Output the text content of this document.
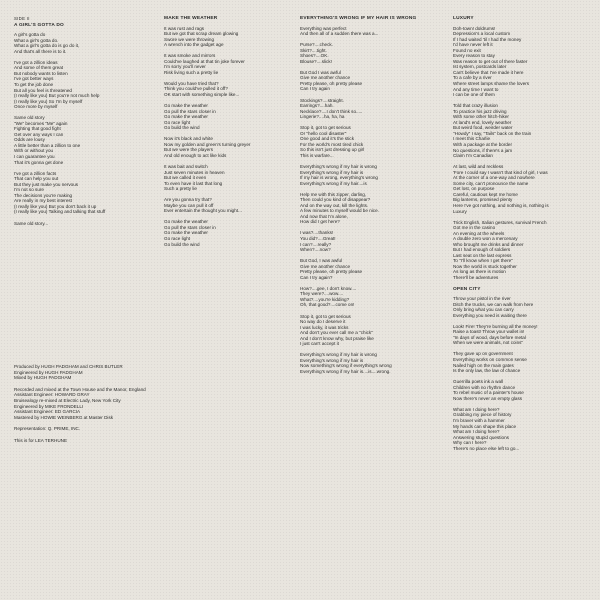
SIDE II
A GIRL'S GOTTA DO
A girl's gotta do
What a girl's gotta do.
What a girl's gotta do is go do it,
And that's all there is to it.
I've got a zillion ideas
And some of them great
But nobody wants to listen
I've got better ways
To get the job done
But all you feel is threatened
(I really like you) But you're not much help
(I really like you) So I'm by myself
Once more by myself
Same old story
"We" becomes "Me" again
Fighting that good fight
Get over any ways I can
Odds are lousy
A little better than a zillion to one
With or without you
I can guarantee you
That it's gonna get done
I've got a zillion facts
That can help you out
But they just make you nervous
I'm not so sure
The decisions you're making
Are really in my best interest
(I really like you) But you don't back it up
(I really like you) Talking and talking that stuff
Same old story...
MAKE THE WEATHER
It was rust and rags
But we got that scrap dream glowing
Swore we were throwing
A wrench into the gadget age
It was smoke and mirrors
Could've laughed at that tin joke forever
I'm sorry you'll never
Risk living such a pretty lie
Would you have tried that?
Think you could've pulled it off?
OK start with something simple like...
Go make the weather
Go pull the stars closer in
Go make the weather
Go race light
Go build the wind
Now it's black and white
Now my golden and green's turning greyer
But we were the players
And old enough to act like kids
It was bait and switch
Just seven minutes in heaven
But we called it even
To even have it last that long
Such a pretty lie
Are you gonna try that?
Maybe you can pull it off
Ever entertain the thought you might...
Go make the weather
Go pull the stars closer in
Go make the weather
Go race light
Go build the wind
EVERYTHING'S WRONG IF MY HAIR IS WRONG
Everything was perfect
And then all of a sudden there was a...
Purse?....check.
Skirt?....tight.
Shoes?....OK.
Blouse?....slick!
But God I was awful
Give me another chance
Pretty please, oh pretty please
Can I try again
Stockings?....straight.
Earrings?....hah.
Necklace?....I don't think so.....
Lingerie?....ha, ha, ha
Stop it, got to get serious
Or "hello cool disaster"
One good and it's the stick
For the world's most tired chick
So this isn't just dressing up girl
This is warfare...
Everything's wrong if my hair is wrong
Everything's wrong if my hair is
If my hair is wrong, everything's wrong
Everything's wrong if my hair....is
Help me with this zipper, darling,
Then could you kind of disappear?
And on the way out, kill the lights.
A few minutes to myself would be nice.
And now that I'm alone,
How did I get here?
I was?....thanks!
You did?....Great!
I can?....really?
When?....now?
But God, I was awful
Give me another chance
Pretty please, oh pretty please
Can I try again?
How?....gee, I don't know....
They were?....wow....
What?....you're kidding?
Oh, that good?....come on!
Stop it, got to get serious
No way do I deserve it
I was lucky, it was tricks
And don't you ever call me a "chick"
And I don't know why, but praise like
I just can't accept it
Everything's wrong if my hair is wrong
Everything's wrong if my hair is
Now something's wrong if everything's wrong
Everything's wrong if my hair is....is....wrong.
LUXURY
Doh-town! doldrums!
Depression's a local custom
If I had waited 'til I had the money
I'd have never left it
Found no exit
Every reason to stay
Was reason to get out of there faster
Ist system, postcards later
Can't believe that I've made it here
To a cafe by a river
Where street lamps shame the lovers
And any time I want to
I can be one of them
Told that crazy illusion
To practice his jazz driving
With some other hitch-hiker
At land's end, lovely weather
But weird food, weirder water
"Howdy" I say, "Tails" back on the train
I meet this Charlie
With a package at the border
No questions, if there's a jam
Claim I'm Canadian
At last, wild and reckless
'Fore I could say I wasn't that kind of girl, I was
At the corner of a one-way and nowhere
Some city, can't pronounce the name
Get lost, on purpose
Careful, cautious kept me home
Big lanterns, promised plenty
Here I've got nothing, and nothing is, nothing is
Luxury
Trick English, Italian gestures, survival French
Got me in the casino
An evening at the wheels
A double zero won a mercenary
Who brought me drinks and dinner
But I had enough of soldiers
Last seat on the last express
To "I'll know when I get there"
Now the world is stuck together
As long as there is motion
There'll be adventures
OPEN CITY
Throw your pistol in the river
Ditch the trucks, we can walk from here
Only bring what you can carry
Everything you need is waiting there
Look! Fire! They're burning all the money!
Raise a toast! Throw your wallet in!
"In days of wood, days before metal
When we were animals, not coins"
They gave up on government
Everything works on common sense
Nailed high on the main gates
Is the only law, the law of chance
Guerrilla poets ink a wall
Children with no rhythm dance
To rebel music of a painter's house
Now there's never an empty glass
What am I doing here?
Grabbing my piece of history
I'm braver with a hammer
My hands can shape this place
What am I doing here?
Answering stupid questions
Why can I here?
There's no place else left to go...
Produced by HUGH PADGHAM and CHRIS BUTLER
Engineered by HUGH PADGHAM
Mixed by HUGH PADGHAM
Recorded and mixed at the Town House and the Manor, England
Assistant Engineer: HOWARD GRAY
Bruisealogy re-mixed at Electric Lady, New York City
Engineered by MIKE FRONDELLI
Assistant Engineer: ED GARCIA
Mastered by HOWIE WEINBERG at Master Disk
Representation: Q. PRIME, INC.
This is for LEA TERHUNE
